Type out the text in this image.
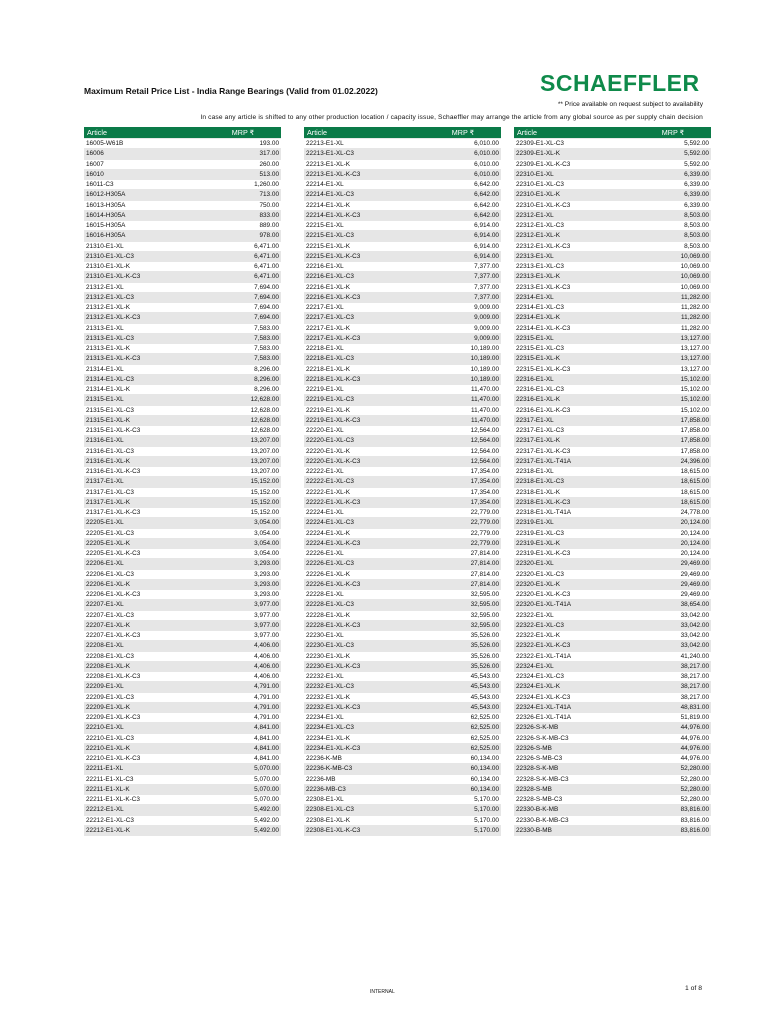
SCHAEFFLER
Maximum Retail Price List - India Range Bearings (Valid from 01.02.2022)
** Price available on request subject to availability
In case any article is shifted to any other production location / capacity issue, Schaeffler may arrange the article from any global source as per supply chain decision
Article	MRP ₹
16005-W61B	193.00
16006	317.00
16007	260.00
16010	513.00
16011-C3	1,260.00
16012-H305A	713.00
16013-H305A	750.00
16014-H305A	833.00
16015-H305A	889.00
16016-H305A	978.00
21310-E1-XL	6,471.00
21310-E1-XL-C3	6,471.00
21310-E1-XL-K	6,471.00
21310-E1-XL-K-C3	6,471.00
21312-E1-XL	7,694.00
21312-E1-XL-C3	7,694.00
21312-E1-XL-K	7,694.00
21312-E1-XL-K-C3	7,694.00
21313-E1-XL	7,583.00
21313-E1-XL-C3	7,583.00
21313-E1-XL-K	7,583.00
21313-E1-XL-K-C3	7,583.00
21314-E1-XL	8,296.00
21314-E1-XL-C3	8,296.00
21314-E1-XL-K	8,296.00
21315-E1-XL	12,628.00
21315-E1-XL-C3	12,628.00
21315-E1-XL-K	12,628.00
21315-E1-XL-K-C3	12,628.00
21316-E1-XL	13,207.00
21316-E1-XL-C3	13,207.00
21316-E1-XL-K	13,207.00
21316-E1-XL-K-C3	13,207.00
21317-E1-XL	15,152.00
21317-E1-XL-C3	15,152.00
21317-E1-XL-K	15,152.00
21317-E1-XL-K-C3	15,152.00
22205-E1-XL	3,054.00
22205-E1-XL-C3	3,054.00
22205-E1-XL-K	3,054.00
22205-E1-XL-K-C3	3,054.00
22206-E1-XL	3,293.00
22206-E1-XL-C3	3,293.00
22206-E1-XL-K	3,293.00
22206-E1-XL-K-C3	3,293.00
22207-E1-XL	3,977.00
22207-E1-XL-C3	3,977.00
22207-E1-XL-K	3,977.00
22207-E1-XL-K-C3	3,977.00
22208-E1-XL	4,406.00
22208-E1-XL-C3	4,406.00
22208-E1-XL-K	4,406.00
22208-E1-XL-K-C3	4,406.00
22209-E1-XL	4,791.00
22209-E1-XL-C3	4,791.00
22209-E1-XL-K	4,791.00
22209-E1-XL-K-C3	4,791.00
22210-E1-XL	4,841.00
22210-E1-XL-C3	4,841.00
22210-E1-XL-K	4,841.00
22210-E1-XL-K-C3	4,841.00
22211-E1-XL	5,070.00
22211-E1-XL-C3	5,070.00
22211-E1-XL-K	5,070.00
22211-E1-XL-K-C3	5,070.00
22212-E1-XL	5,492.00
22212-E1-XL-C3	5,492.00
22212-E1-XL-K	5,492.00
Article	MRP ₹
22213-E1-XL	6,010.00
22213-E1-XL-C3	6,010.00
22213-E1-XL-K	6,010.00
22213-E1-XL-K-C3	6,010.00
22214-E1-XL	6,642.00
22214-E1-XL-C3	6,642.00
22214-E1-XL-K	6,642.00
22214-E1-XL-K-C3	6,642.00
22215-E1-XL	6,914.00
22215-E1-XL-C3	6,914.00
22215-E1-XL-K	6,914.00
22215-E1-XL-K-C3	6,914.00
22216-E1-XL	7,377.00
22216-E1-XL-C3	7,377.00
22216-E1-XL-K	7,377.00
22216-E1-XL-K-C3	7,377.00
22217-E1-XL	9,009.00
22217-E1-XL-C3	9,009.00
22217-E1-XL-K	9,009.00
22217-E1-XL-K-C3	9,009.00
22218-E1-XL	10,189.00
22218-E1-XL-C3	10,189.00
22218-E1-XL-K	10,189.00
22218-E1-XL-K-C3	10,189.00
22219-E1-XL	11,470.00
22219-E1-XL-C3	11,470.00
22219-E1-XL-K	11,470.00
22219-E1-XL-K-C3	11,470.00
22220-E1-XL	12,564.00
22220-E1-XL-C3	12,564.00
22220-E1-XL-K	12,564.00
22220-E1-XL-K-C3	12,564.00
22222-E1-XL	17,354.00
22222-E1-XL-C3	17,354.00
22222-E1-XL-K	17,354.00
22222-E1-XL-K-C3	17,354.00
22224-E1-XL	22,779.00
22224-E1-XL-C3	22,779.00
22224-E1-XL-K	22,779.00
22224-E1-XL-K-C3	22,779.00
22226-E1-XL	27,814.00
22226-E1-XL-C3	27,814.00
22226-E1-XL-K	27,814.00
22226-E1-XL-K-C3	27,814.00
22228-E1-XL	32,595.00
22228-E1-XL-C3	32,595.00
22228-E1-XL-K	32,595.00
22228-E1-XL-K-C3	32,595.00
22230-E1-XL	35,526.00
22230-E1-XL-C3	35,526.00
22230-E1-XL-K	35,526.00
22230-E1-XL-K-C3	35,526.00
22232-E1-XL	45,543.00
22232-E1-XL-C3	45,543.00
22232-E1-XL-K	45,543.00
22232-E1-XL-K-C3	45,543.00
22234-E1-XL	62,525.00
22234-E1-XL-C3	62,525.00
22234-E1-XL-K	62,525.00
22234-E1-XL-K-C3	62,525.00
22236-K-MB	60,134.00
22236-K-MB-C3	60,134.00
22236-MB	60,134.00
22236-MB-C3	60,134.00
22308-E1-XL	5,170.00
22308-E1-XL-C3	5,170.00
22308-E1-XL-K	5,170.00
22308-E1-XL-K-C3	5,170.00
Article	MRP ₹
22309-E1-XL-C3	5,592.00
22309-E1-XL-K	5,592.00
22309-E1-XL-K-C3	5,592.00
22310-E1-XL	6,339.00
22310-E1-XL-C3	6,339.00
22310-E1-XL-K	6,339.00
22310-E1-XL-K-C3	6,339.00
22312-E1-XL	8,503.00
22312-E1-XL-C3	8,503.00
22312-E1-XL-K	8,503.00
22312-E1-XL-K-C3	8,503.00
22313-E1-XL	10,069.00
22313-E1-XL-C3	10,069.00
22313-E1-XL-K	10,069.00
22313-E1-XL-K-C3	10,069.00
22314-E1-XL	11,282.00
22314-E1-XL-C3	11,282.00
22314-E1-XL-K	11,282.00
22314-E1-XL-K-C3	11,282.00
22315-E1-XL	13,127.00
22315-E1-XL-C3	13,127.00
22315-E1-XL-K	13,127.00
22315-E1-XL-K-C3	13,127.00
22316-E1-XL	15,102.00
22316-E1-XL-C3	15,102.00
22316-E1-XL-K	15,102.00
22316-E1-XL-K-C3	15,102.00
22317-E1-XL	17,858.00
22317-E1-XL-C3	17,858.00
22317-E1-XL-K	17,858.00
22317-E1-XL-K-C3	17,858.00
22317-E1-XL-T41A	24,396.00
22318-E1-XL	18,615.00
22318-E1-XL-C3	18,615.00
22318-E1-XL-K	18,615.00
22318-E1-XL-K-C3	18,615.00
22318-E1-XL-T41A	24,778.00
22319-E1-XL	20,124.00
22319-E1-XL-C3	20,124.00
22319-E1-XL-K	20,124.00
22319-E1-XL-K-C3	20,124.00
22320-E1-XL	29,469.00
22320-E1-XL-C3	29,469.00
22320-E1-XL-K	29,469.00
22320-E1-XL-K-C3	29,469.00
22320-E1-XL-T41A	38,654.00
22322-E1-XL	33,042.00
22322-E1-XL-C3	33,042.00
22322-E1-XL-K	33,042.00
22322-E1-XL-K-C3	33,042.00
22322-E1-XL-T41A	41,240.00
22324-E1-XL	38,217.00
22324-E1-XL-C3	38,217.00
22324-E1-XL-K	38,217.00
22324-E1-XL-K-C3	38,217.00
22324-E1-XL-T41A	48,831.00
22326-E1-XL-T41A	51,819.00
22326-S-K-MB	44,976.00
22326-S-K-MB-C3	44,976.00
22326-S-MB	44,976.00
22326-S-MB-C3	44,976.00
22328-S-K-MB	52,280.00
22328-S-K-MB-C3	52,280.00
22328-S-MB	52,280.00
22328-S-MB-C3	52,280.00
22330-B-K-MB	83,816.00
22330-B-K-MB-C3	83,816.00
22330-B-MB	83,816.00
INTERNAL	1 of 8
